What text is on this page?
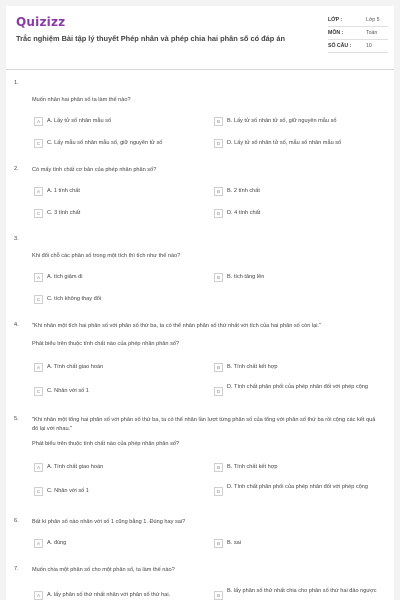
Quizizz
Trắc nghiệm Bài tập lý thuyết Phép nhân và phép chia hai phân số có đáp án
LỚP :	Lớp 5
MÔN :	Toán
SỐ CÂU :	10
1.
Muốn nhân hai phân số ta làm thế nào?
A	A. Lấy tử số nhân mẫu số	B	B. Lấy tử số nhân tử số, giữ nguyên mẫu số
C	C. Lấy mẫu số nhân mẫu số, giữ nguyên tử số	D	D. Lấy tử số nhân tử số, mẫu số nhân mẫu số
2. Có mấy tính chất cơ bản của phép nhân phân số?
A	A. 1 tính chất	B	B. 2 tính chất
C	C. 3 tính chất	D	D. 4 tính chất
3.
Khi đổi chỗ các phân số trong một tích thì tích như thế nào?
A	A. tích giảm đi	B	B. tích tăng lên
C	C. tích không thay đổi
4. "Khi nhân một tích hai phân số với phân số thứ ba, ta có thể nhân phân số thứ nhất với tích của hai phân số còn lại."
Phát biểu trên thuộc tính chất nào của phép nhân phân số?
A	A. Tính chất giao hoán	B	B. Tính chất kết hợp
C	C. Nhân với số 1	D
D. Tính chất phân phối của phép nhân đối với phép cộng
5. "Khi nhân một tổng hai phân số với phân số thứ ba, ta có thể nhân lần lượt từng phân số của tổng với phân số thứ ba rồi cộng các kết quả đó lại với nhau."
Phát biểu trên thuộc tính chất nào của phép nhân phân số?
A	A. Tính chất giao hoán	B	B. Tính chất kết hợp
C	C. Nhân với số 1	D
D. Tính chất phân phối của phép nhân đối với phép cộng
6. Bất kì phân số nào nhân với số 1 cũng bằng 1. Đúng hay sai?
A	A. đúng	B	B. sai
7. Muốn chia một phân số cho một phân số, ta làm thế nào?
A	A. lấy phân số thứ nhất nhân với phân số thứ hai.	B
B. lấy phân số thứ nhất chia cho phân số thứ hai đảo ngược
